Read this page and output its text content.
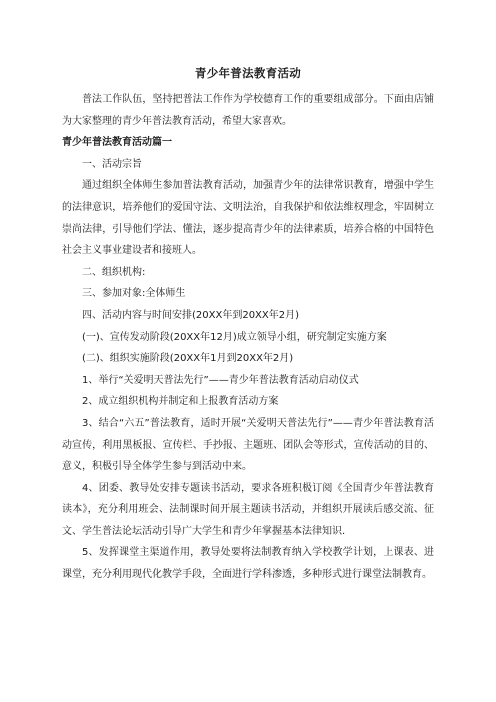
青少年普法教育活动

普法工作队伍，坚持把普法工作作为学校德育工作的重要组成部分。下面由店铺为大家整理的青少年普法教育活动，希望大家喜欢。

青少年普法教育活动篇一

一、活动宗旨

通过组织全体师生参加普法教育活动，加强青少年的法律常识教育，增强中学生的法律意识，培养他们的爱国守法、文明法治，自我保护和依法维权理念，牢固树立崇尚法律，引导他们学法、懂法，逐步提高青少年的法律素质，培养合格的中国特色社会主义事业建设者和接班人。

二、组织机构:

三、参加对象:全体师生

四、活动内容与时间安排(20XX年到20XX年2月)

(一)、宣传发动阶段(20XX年12月)成立领导小组，研究制定实施方案

(二)、组织实施阶段(20XX年1月到20XX年2月)

1、举行“关爱明天普法先行”——青少年普法教育活动启动仪式

2、成立组织机构并制定和上报教育活动方案

3、结合“六五”普法教育，适时开展“关爱明天普法先行”——青少年普法教育活动宣传，利用黑板报、宣传栏、手抄报、主题班、团队会等形式，宣传活动的目的、意义，积极引导全体学生参与到活动中来。

4、团委、教导处安排专题读书活动，要求各班积极订阅《全国青少年普法教育读本》，充分利用班会、法制课时间开展主题读书活动，并组织开展读后感交流、征文、学生普法论坛活动引导广大学生和青少年掌握基本法律知识.

5、发挥课堂主渠道作用，教导处要将法制教育纳入学校教学计划，上课表、进课堂，充分利用现代化教学手段，全面进行学科渗透，多种形式进行课堂法制教育。
